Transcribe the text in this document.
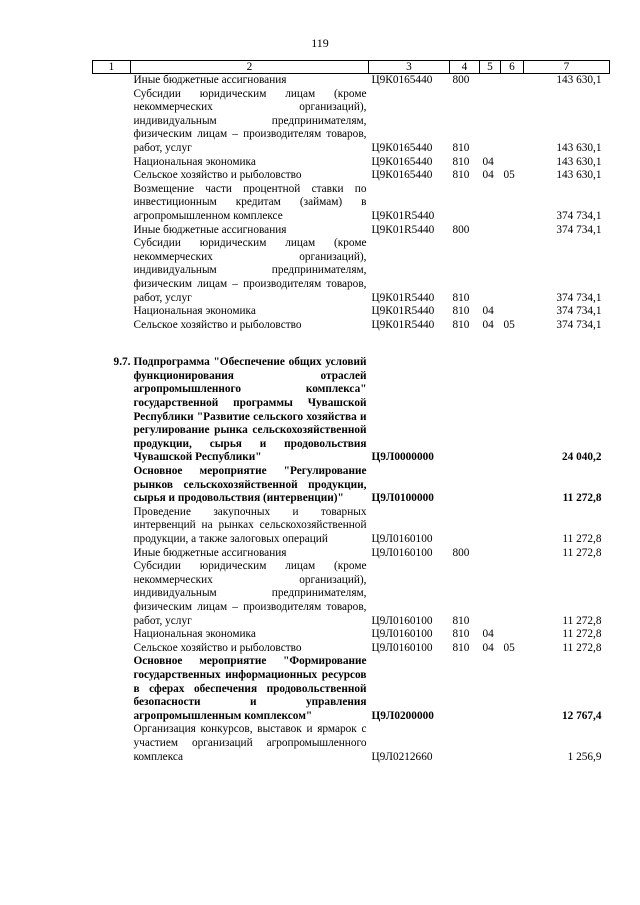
119
1	2	3	4	5	6	7
	Иные бюджетные ассигнования	Ц9К0165440	800			143 630,1
	Субсидии юридическим лицам (кроме некоммерческих организаций), индивидуальным предпринимателям, физическим лицам – производителям товаров, работ, услуг	Ц9К0165440	810			143 630,1
	Национальная экономика	Ц9К0165440	810	04		143 630,1
	Сельское хозяйство и рыболовство	Ц9К0165440	810	04	05	143 630,1
	Возмещение части процентной ставки по инвестиционным кредитам (займам) в агропромышленном комплексе	Ц9К01R5440				374 734,1
	Иные бюджетные ассигнования	Ц9К01R5440	800			374 734,1
	Субсидии юридическим лицам (кроме некоммерческих организаций), индивидуальным предпринимателям, физическим лицам – производителям товаров, работ, услуг	Ц9К01R5440	810			374 734,1
	Национальная экономика	Ц9К01R5440	810	04		374 734,1
	Сельское хозяйство и рыболовство	Ц9К01R5440	810	04	05	374 734,1

9.7.	Подпрограмма "Обеспечение общих условий функционирования отраслей агропромышленного комплекса" государственной программы Чувашской Республики "Развитие сельского хозяйства и регулирование рынка сельскохозяйственной продукции, сырья и продовольствия Чувашской Республики"	Ц9Л0000000				24 040,2
	Основное мероприятие "Регулирование рынков сельскохозяйственной продукции, сырья и продовольствия (интервенции)"	Ц9Л0100000				11 272,8
	Проведение закупочных и товарных интервенций на рынках сельскохозяйственной продукции, а также залоговых операций	Ц9Л0160100				11 272,8
	Иные бюджетные ассигнования	Ц9Л0160100	800			11 272,8
	Субсидии юридическим лицам (кроме некоммерческих организаций), индивидуальным предпринимателям, физическим лицам – производителям товаров, работ, услуг	Ц9Л0160100	810			11 272,8
	Национальная экономика	Ц9Л0160100	810	04		11 272,8
	Сельское хозяйство и рыболовство	Ц9Л0160100	810	04	05	11 272,8
	Основное мероприятие "Формирование государственных информационных ресурсов в сферах обеспечения продовольственной безопасности и управления агропромышленным комплексом"	Ц9Л0200000				12 767,4
	Организация конкурсов, выставок и ярмарок с участием организаций агропромышленного комплекса	Ц9Л0212660				1 256,9
